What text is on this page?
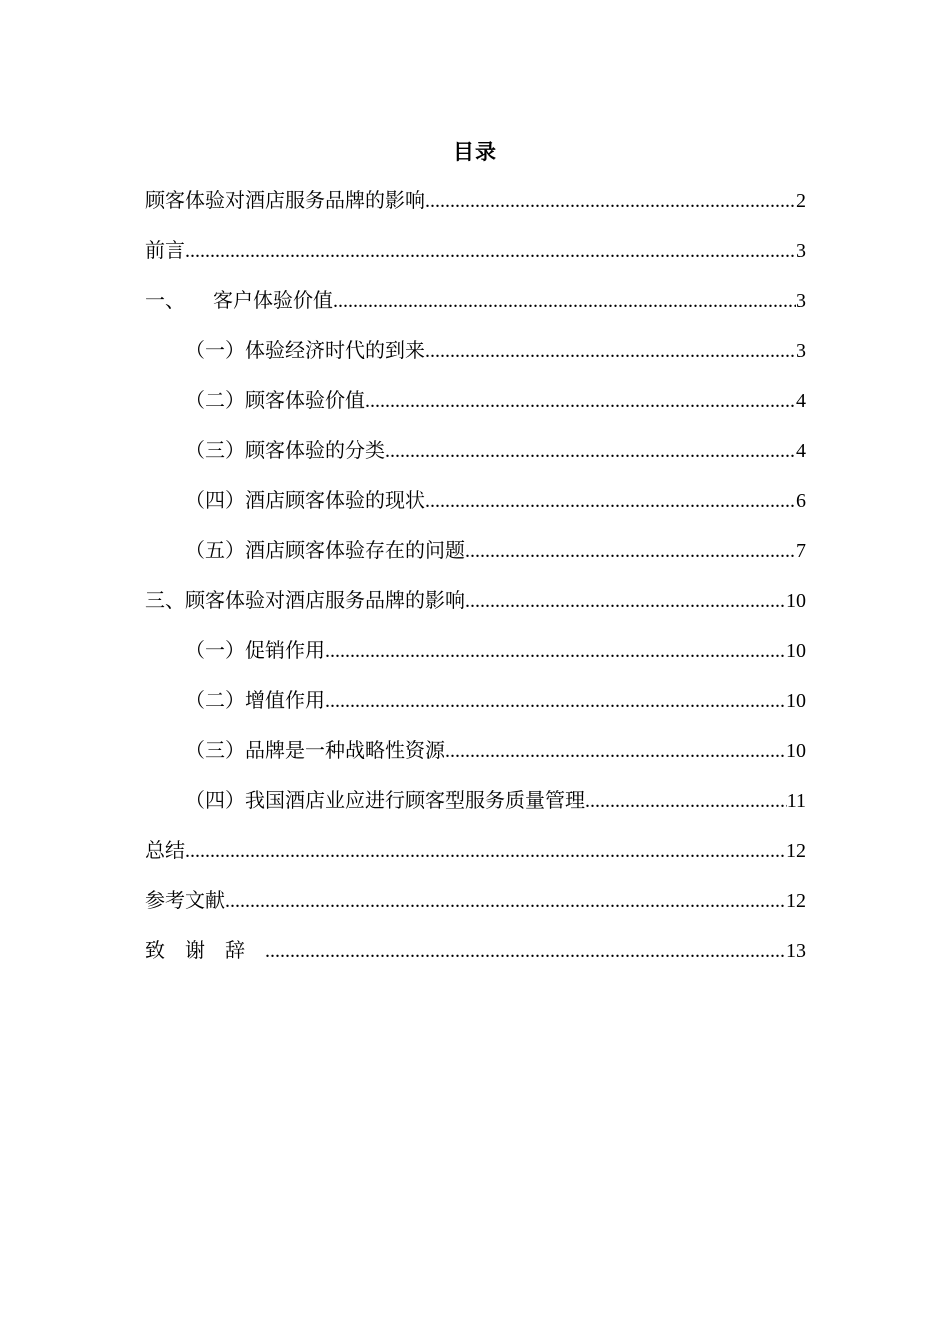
目录
顾客体验对酒店服务品牌的影响 .....	2
前言 .....	3
一、 客户体验价值 .....	3
（一）体验经济时代的到来 .....	3
（二）顾客体验价值 .....	4
（三）顾客体验的分类 .....	4
（四）酒店顾客体验的现状 .....	6
（五）酒店顾客体验存在的问题 .....	7
三、顾客体验对酒店服务品牌的影响 .....	10
（一）促销作用 .....	10
（二）增值作用 .....	10
（三）品牌是一种战略性资源 .....	10
（四）我国酒店业应进行顾客型服务质量管理 .....	11
总结 .....	12
参考文献 .....	12
致谢辞 .....	13
